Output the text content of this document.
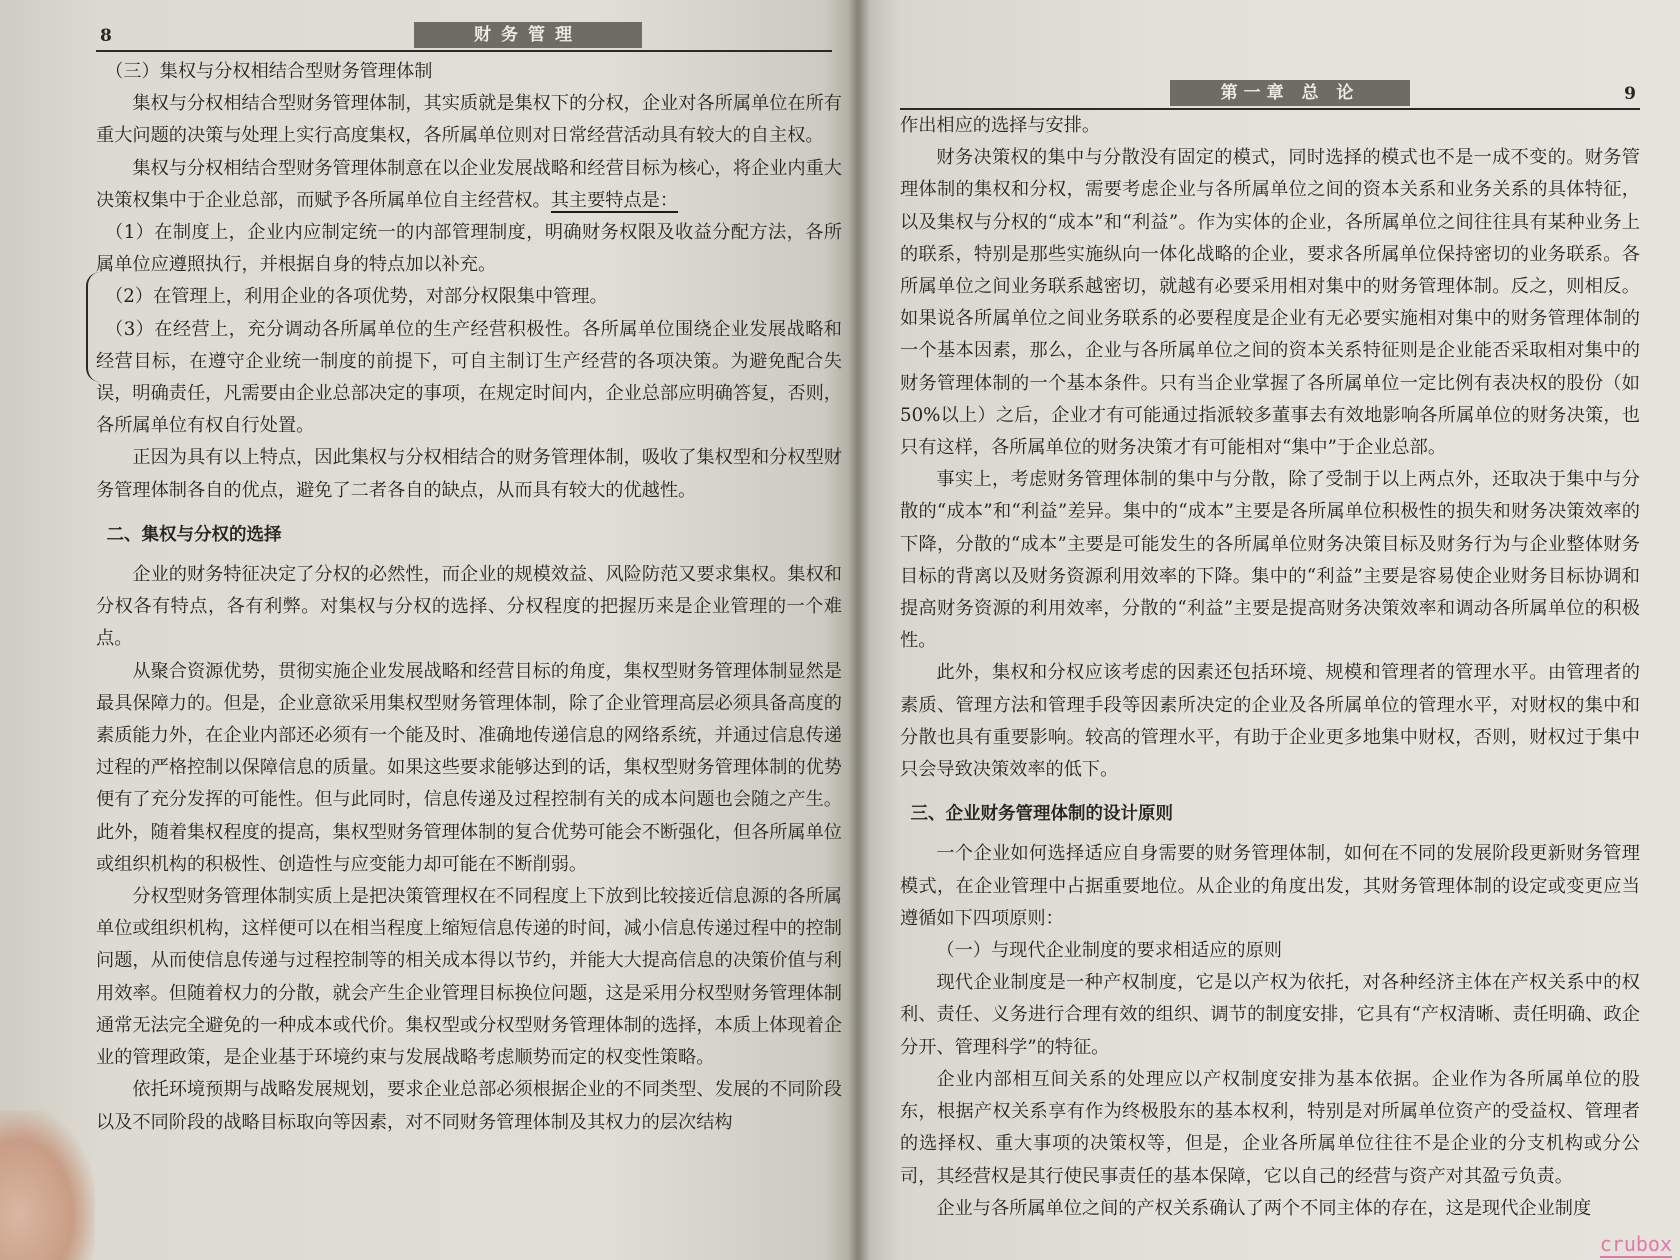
8	财务管理

（三）集权与分权相结合型财务管理体制

集权与分权相结合型财务管理体制，其实质就是集权下的分权，企业对各所属单位在所有重大问题的决策与处理上实行高度集权，各所属单位则对日常经营活动具有较大的自主权。

集权与分权相结合型财务管理体制意在以企业发展战略和经营目标为核心，将企业内重大决策权集中于企业总部，而赋予各所属单位自主经营权。其主要特点是：

（1）在制度上，企业内应制定统一的内部管理制度，明确财务权限及收益分配方法，各所属单位应遵照执行，并根据自身的特点加以补充。

（2）在管理上，利用企业的各项优势，对部分权限集中管理。

（3）在经营上，充分调动各所属单位的生产经营积极性。各所属单位围绕企业发展战略和经营目标，在遵守企业统一制度的前提下，可自主制订生产经营的各项决策。为避免配合失误，明确责任，凡需要由企业总部决定的事项，在规定时间内，企业总部应明确答复，否则，各所属单位有权自行处置。

正因为具有以上特点，因此集权与分权相结合的财务管理体制，吸收了集权型和分权型财务管理体制各自的优点，避免了二者各自的缺点，从而具有较大的优越性。

二、集权与分权的选择

企业的财务特征决定了分权的必然性，而企业的规模效益、风险防范又要求集权。集权和分权各有特点，各有利弊。对集权与分权的选择、分权程度的把握历来是企业管理的一个难点。

从聚合资源优势，贯彻实施企业发展战略和经营目标的角度，集权型财务管理体制显然是最具保障力的。但是，企业意欲采用集权型财务管理体制，除了企业管理高层必须具备高度的素质能力外，在企业内部还必须有一个能及时、准确地传递信息的网络系统，并通过信息传递过程的严格控制以保障信息的质量。如果这些要求能够达到的话，集权型财务管理体制的优势便有了充分发挥的可能性。但与此同时，信息传递及过程控制有关的成本问题也会随之产生。此外，随着集权程度的提高，集权型财务管理体制的复合优势可能会不断强化，但各所属单位或组织机构的积极性、创造性与应变能力却可能在不断削弱。

分权型财务管理体制实质上是把决策管理权在不同程度上下放到比较接近信息源的各所属单位或组织机构，这样便可以在相当程度上缩短信息传递的时间，减小信息传递过程中的控制问题，从而使信息传递与过程控制等的相关成本得以节约，并能大大提高信息的决策价值与利用效率。但随着权力的分散，就会产生企业管理目标换位问题，这是采用分权型财务管理体制通常无法完全避免的一种成本或代价。集权型或分权型财务管理体制的选择，本质上体现着企业的管理政策，是企业基于环境约束与发展战略考虑顺势而定的权变性策略。

依托环境预期与战略发展规划，要求企业总部必须根据企业的不同类型、发展的不同阶段以及不同阶段的战略目标取向等因素，对不同财务管理体制及其权力的层次结构

第一章 总 论	9

作出相应的选择与安排。

财务决策权的集中与分散没有固定的模式，同时选择的模式也不是一成不变的。财务管理体制的集权和分权，需要考虑企业与各所属单位之间的资本关系和业务关系的具体特征，以及集权与分权的“成本”和“利益”。作为实体的企业，各所属单位之间往往具有某种业务上的联系，特别是那些实施纵向一体化战略的企业，要求各所属单位保持密切的业务联系。各所属单位之间业务联系越密切，就越有必要采用相对集中的财务管理体制。反之，则相反。如果说各所属单位之间业务联系的必要程度是企业有无必要实施相对集中的财务管理体制的一个基本因素，那么，企业与各所属单位之间的资本关系特征则是企业能否采取相对集中的财务管理体制的一个基本条件。只有当企业掌握了各所属单位一定比例有表决权的股份（如50%以上）之后，企业才有可能通过指派较多董事去有效地影响各所属单位的财务决策，也只有这样，各所属单位的财务决策才有可能相对“集中”于企业总部。

事实上，考虑财务管理体制的集中与分散，除了受制于以上两点外，还取决于集中与分散的“成本”和“利益”差异。集中的“成本”主要是各所属单位积极性的损失和财务决策效率的下降，分散的“成本”主要是可能发生的各所属单位财务决策目标及财务行为与企业整体财务目标的背离以及财务资源利用效率的下降。集中的“利益”主要是容易使企业财务目标协调和提高财务资源的利用效率，分散的“利益”主要是提高财务决策效率和调动各所属单位的积极性。

此外，集权和分权应该考虑的因素还包括环境、规模和管理者的管理水平。由管理者的素质、管理方法和管理手段等因素所决定的企业及各所属单位的管理水平，对财权的集中和分散也具有重要影响。较高的管理水平，有助于企业更多地集中财权，否则，财权过于集中只会导致决策效率的低下。

三、企业财务管理体制的设计原则

一个企业如何选择适应自身需要的财务管理体制，如何在不同的发展阶段更新财务管理模式，在企业管理中占据重要地位。从企业的角度出发，其财务管理体制的设定或变更应当遵循如下四项原则：

（一）与现代企业制度的要求相适应的原则

现代企业制度是一种产权制度，它是以产权为依托，对各种经济主体在产权关系中的权利、责任、义务进行合理有效的组织、调节的制度安排，它具有“产权清晰、责任明确、政企分开、管理科学”的特征。

企业内部相互间关系的处理应以产权制度安排为基本依据。企业作为各所属单位的股东，根据产权关系享有作为终极股东的基本权利，特别是对所属单位资产的受益权、管理者的选择权、重大事项的决策权等，但是，企业各所属单位往往不是企业的分支机构或分公司，其经营权是其行使民事责任的基本保障，它以自己的经营与资产对其盈亏负责。

企业与各所属单位之间的产权关系确认了两个不同主体的存在，这是现代企业制度

crubox
